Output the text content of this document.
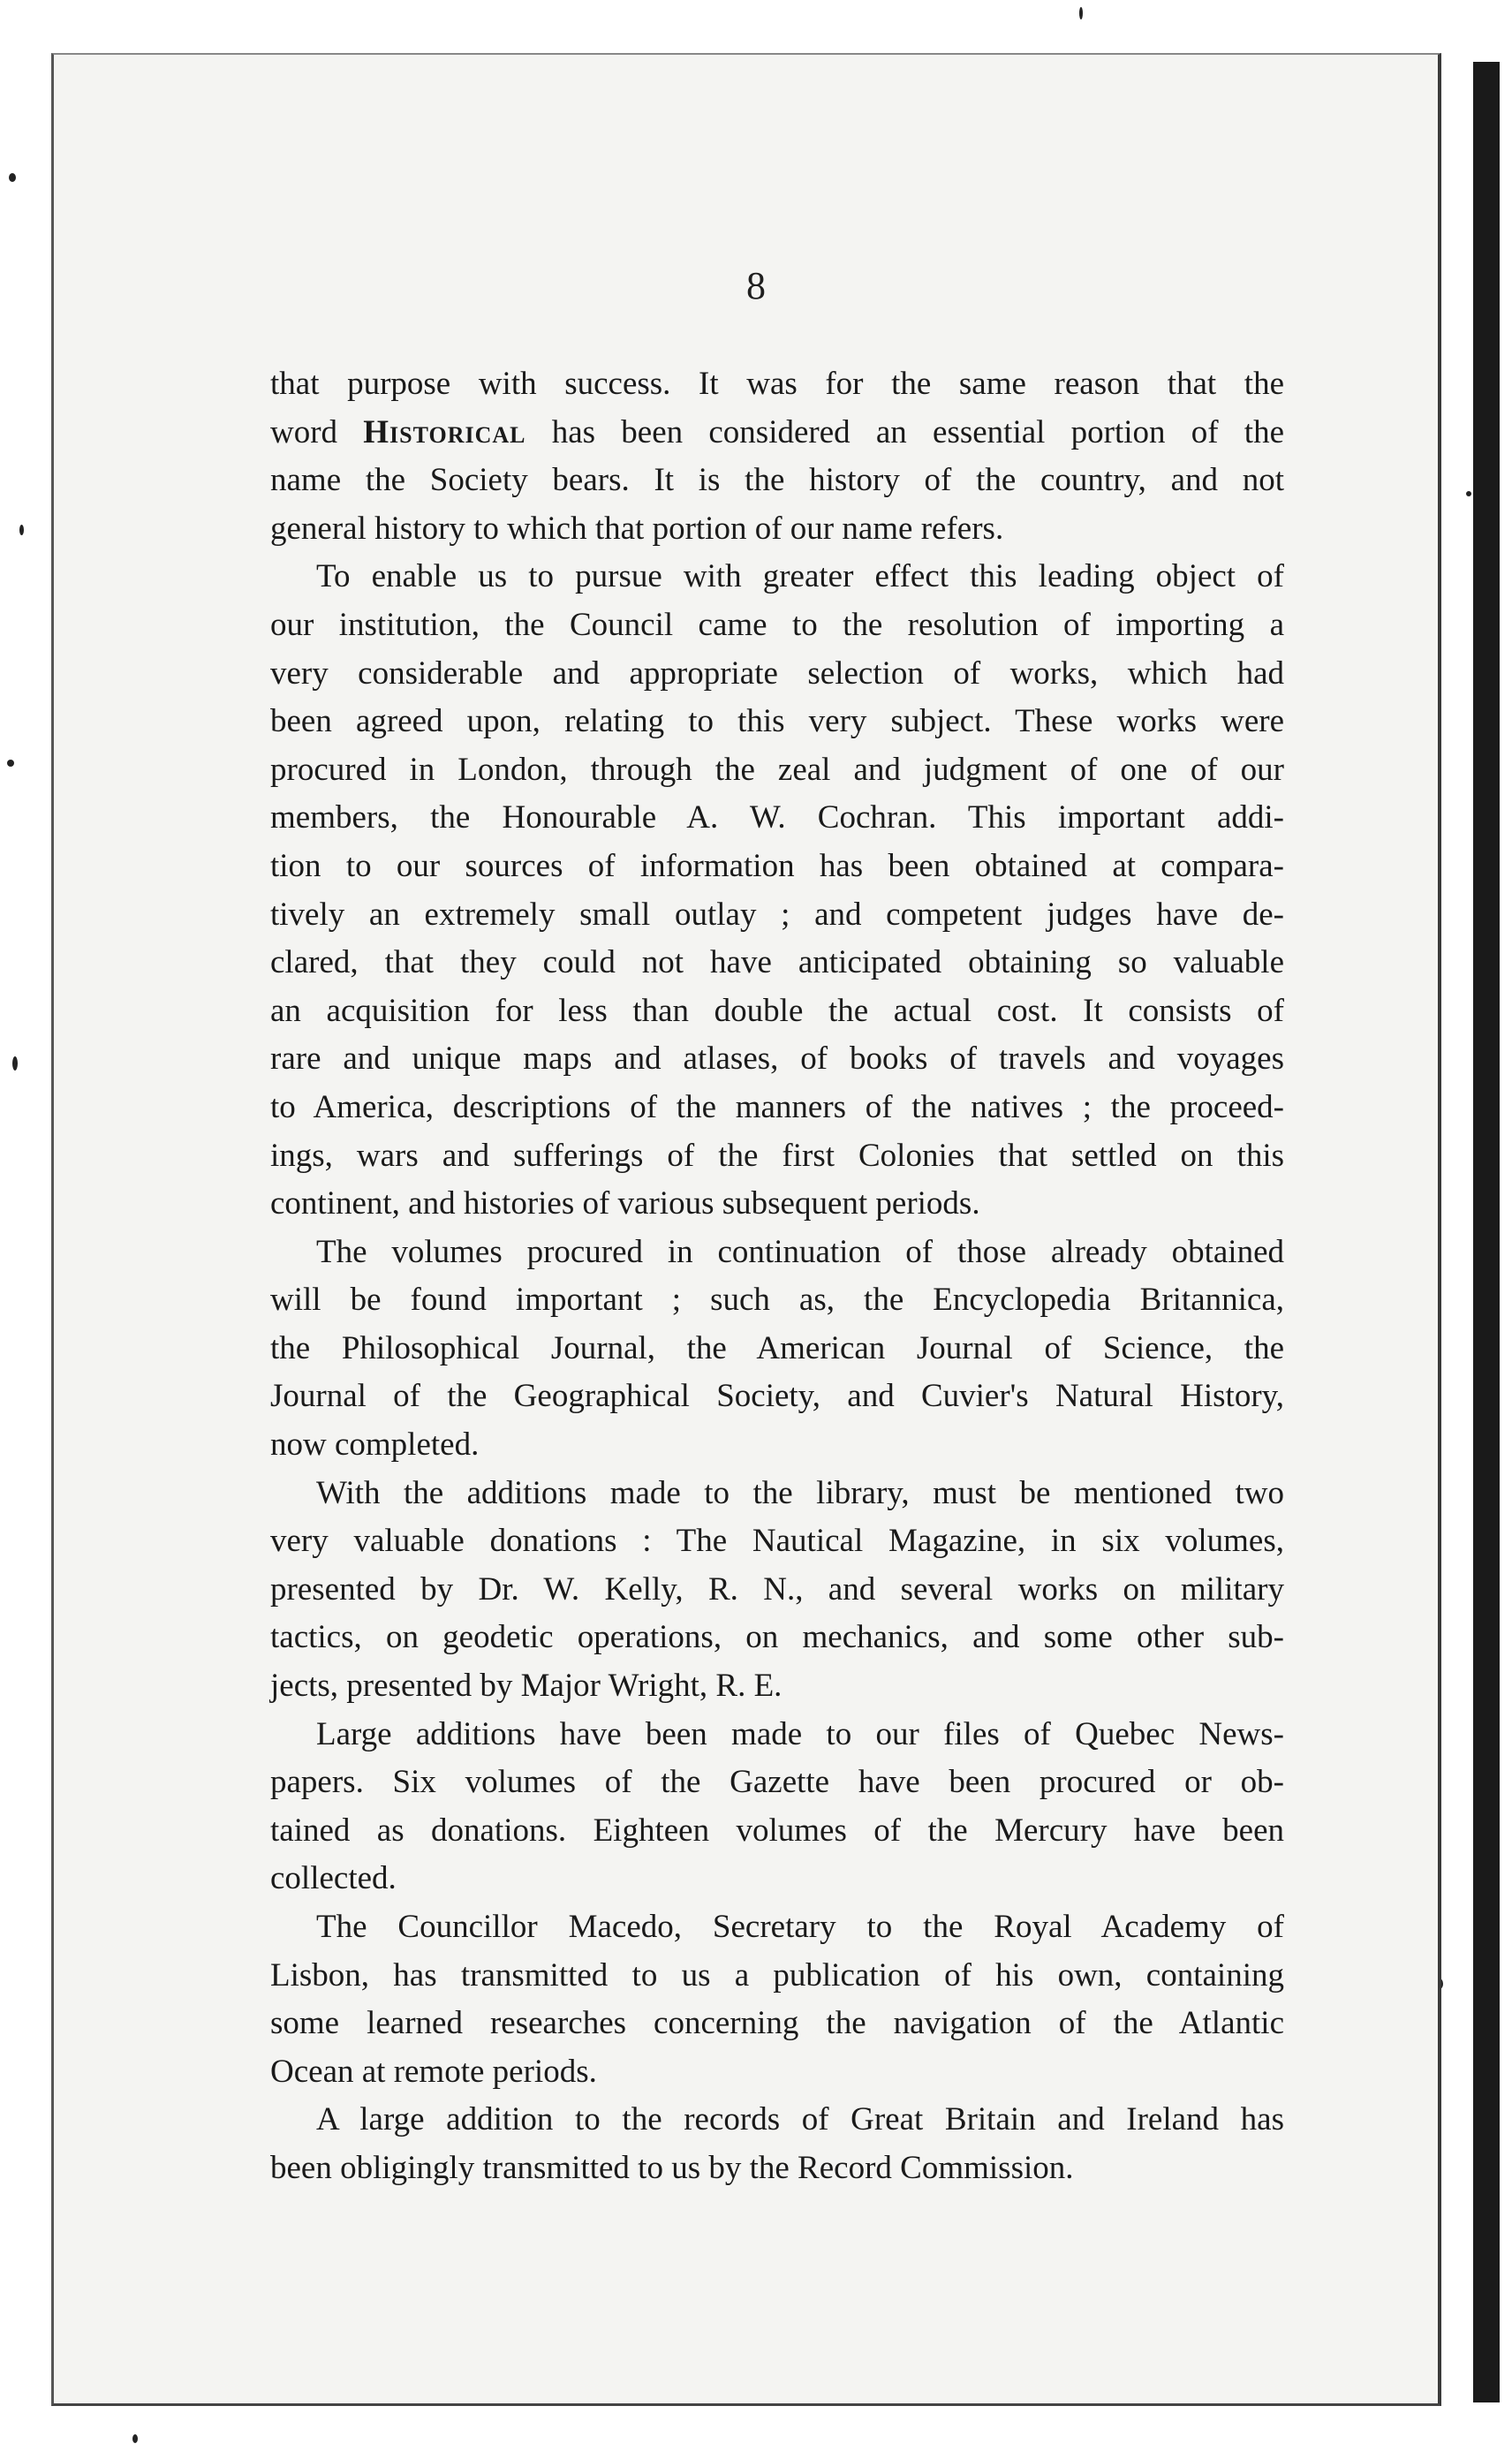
8

that purpose with success. It was for the same reason that the

word Historical has been considered an essential portion of the

name the Society bears. It is the history of the country, and not

general history to which that portion of our name refers.

To enable us to pursue with greater effect this leading object of

our institution, the Council came to the resolution of importing a

very considerable and appropriate selection of works, which had

been agreed upon, relating to this very subject. These works were

procured in London, through the zeal and judgment of one of our

members, the Honourable A. W. Cochran. This important addi-

tion to our sources of information has been obtained at compara-

tively an extremely small outlay ; and competent judges have de-

clared, that they could not have anticipated obtaining so valuable

an acquisition for less than double the actual cost. It consists of

rare and unique maps and atlases, of books of travels and voyages

to America, descriptions of the manners of the natives ; the proceed-

ings, wars and sufferings of the first Colonies that settled on this

continent, and histories of various subsequent periods.

The volumes procured in continuation of those already obtained

will be found important ; such as, the Encyclopedia Britannica,

the Philosophical Journal, the American Journal of Science, the

Journal of the Geographical Society, and Cuvier's Natural History,

now completed.

With the additions made to the library, must be mentioned two

very valuable donations : The Nautical Magazine, in six volumes,

presented by Dr. W. Kelly, R. N., and several works on military

tactics, on geodetic operations, on mechanics, and some other sub-

jects, presented by Major Wright, R. E.

Large additions have been made to our files of Quebec News-

papers. Six volumes of the Gazette have been procured or ob-

tained as donations. Eighteen volumes of the Mercury have been

collected.

The Councillor Macedo, Secretary to the Royal Academy of

Lisbon, has transmitted to us a publication of his own, containing

some learned researches concerning the navigation of the Atlantic

Ocean at remote periods.

A large addition to the records of Great Britain and Ireland has

been obligingly transmitted to us by the Record Commission.
